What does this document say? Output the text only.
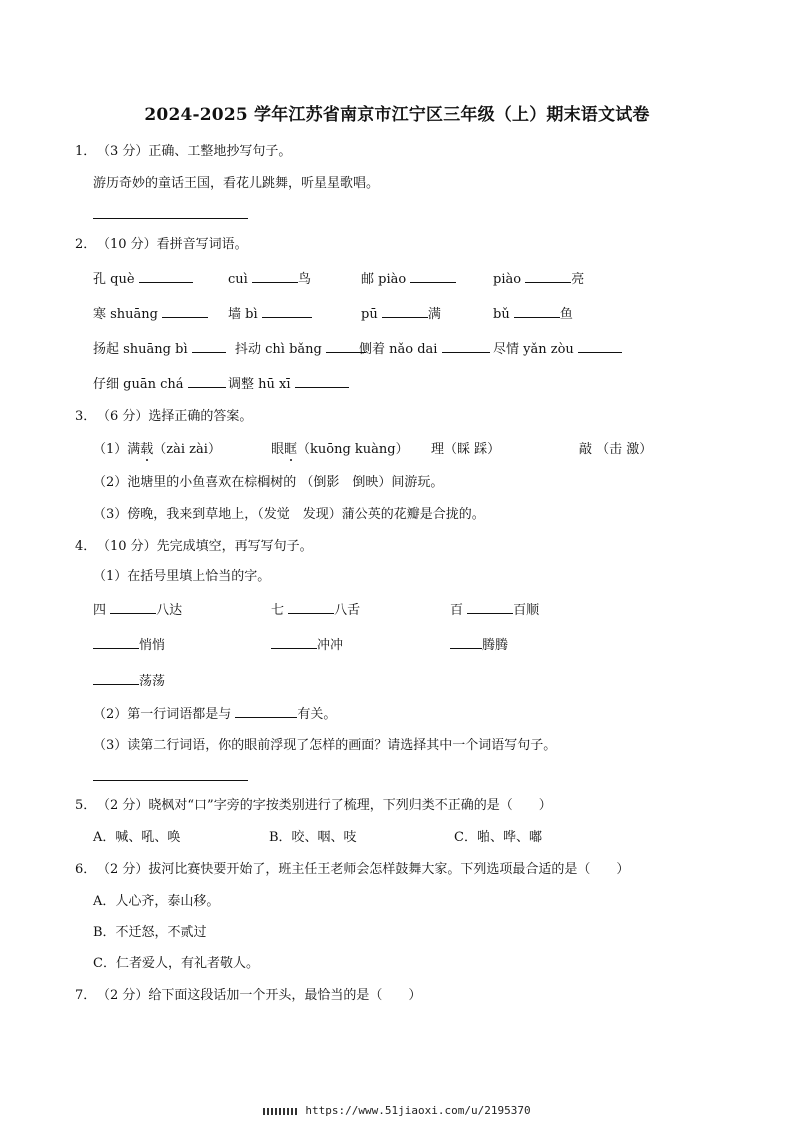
2024-2025 学年江苏省南京市江宁区三年级（上）期末语文试卷
1．（3 分）正确、工整地抄写句子。
游历奇妙的童话王国，看花儿跳舞，听星星歌唱。
2．（10 分）看拼音写词语。
孔 què	cuì	鸟	邮 piào	piào	亮
寒 shuāng	墙 bì	pū	满	bǔ	鱼
扬起 shuāng bì	抖动 chì bǎng	侧着 nǎo dai	尽情 yǎn zòu
仔细 guān chá	调整 hū xī
3．（6 分）选择正确的答案。
（1）满载（zài zài）	眼眶（kuōng kuàng） 理（睬 踩）	敲 （击 激）
（2）池塘里的小鱼喜欢在棕榈树的 （倒影　倒映）间游玩。
（3）傍晚，我来到草地上，（发觉　发现）蒲公英的花瓣是合拢的。
4．（10 分）先完成填空，再写写句子。
（1）在括号里填上恰当的字。
四	八达	七	八舌	百	百顺
悄悄	冲冲	腾腾
荡荡
（2）第一行词语都是与	有关。
（3）读第二行词语，你的眼前浮现了怎样的画面？请选择其中一个词语写句子。
5．（2 分）晓枫对“口”字旁的字按类别进行了梳理，下列归类不正确的是（　　）
A．喊、吼、唤	B．咬、咽、吱	C．啪、哗、嘟
6．（2 分）拔河比赛快要开始了，班主任王老师会怎样鼓舞大家。下列选项最合适的是（　　）
A．人心齐，泰山移。
B．不迁怒，不贰过
C．仁者爱人，有礼者敬人。
7．（2 分）给下面这段话加一个开头，最恰当的是（　　）
https://www.51jiaoxi.com/u/2195370
